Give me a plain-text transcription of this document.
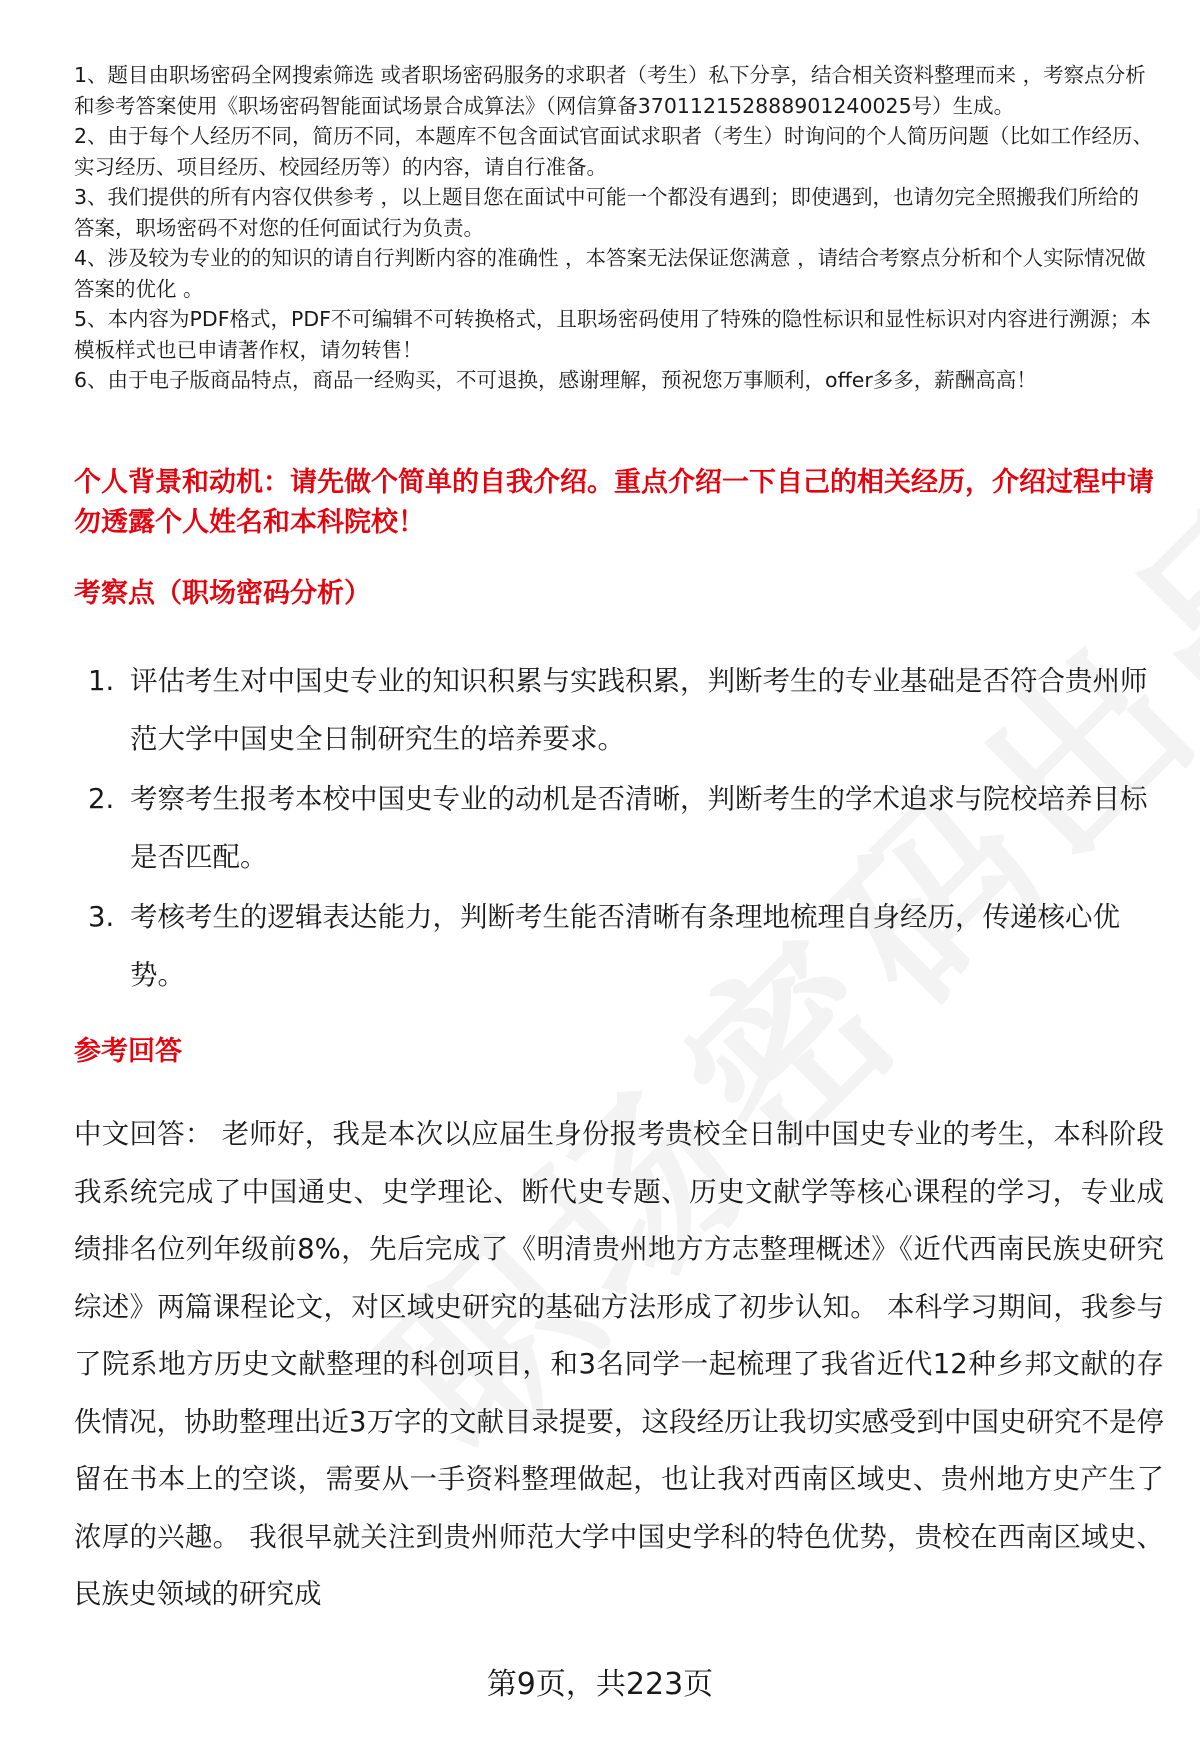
1、题目由职场密码全网搜索筛选 或者职场密码服务的求职者（考生）私下分享，结合相关资料整理而来 ，考察点分析和参考答案使用《职场密码智能面试场景合成算法》（网信算备370112152888901240025号）生成。

2、由于每个人经历不同，简历不同，本题库不包含面试官面试求职者（考生）时询问的个人简历问题（比如工作经历、实习经历、项目经历、校园经历等）的内容，请自行准备。

3、我们提供的所有内容仅供参考 ，以上题目您在面试中可能一个都没有遇到；即使遇到，也请勿完全照搬我们所给的答案，职场密码不对您的任何面试行为负责。

4、涉及较为专业的的知识的请自行判断内容的准确性 ，本答案无法保证您满意 ，请结合考察点分析和个人实际情况做答案的优化 。

5、本内容为PDF格式，PDF不可编辑不可转换格式，且职场密码使用了特殊的隐性标识和显性标识对内容进行溯源；本模板样式也已申请著作权，请勿转售！

6、由于电子版商品特点，商品一经购买，不可退换，感谢理解，预祝您万事顺利，offer多多，薪酬高高！

个人背景和动机：请先做个简单的自我介绍。重点介绍一下自己的相关经历，介绍过程中请勿透露个人姓名和本科院校！

考察点（职场密码分析）

1. 评估考生对中国史专业的知识积累与实践积累，判断考生的专业基础是否符合贵州师范大学中国史全日制研究生的培养要求。
2. 考察考生报考本校中国史专业的动机是否清晰，判断考生的学术追求与院校培养目标是否匹配。
3. 考核考生的逻辑表达能力，判断考生能否清晰有条理地梳理自身经历，传递核心优势。

参考回答

中文回答： 老师好，我是本次以应届生身份报考贵校全日制中国史专业的考生，本科阶段我系统完成了中国通史、史学理论、断代史专题、历史文献学等核心课程的学习，专业成绩排名位列年级前8%，先后完成了《明清贵州地方方志整理概述》《近代西南民族史研究综述》两篇课程论文，对区域史研究的基础方法形成了初步认知。 本科学习期间，我参与了院系地方历史文献整理的科创项目，和3名同学一起梳理了我省近代12种乡邦文献的存佚情况，协助整理出近3万字的文献目录提要，这段经历让我切实感受到中国史研究不是停留在书本上的空谈，需要从一手资料整理做起，也让我对西南区域史、贵州地方史产生了浓厚的兴趣。 我很早就关注到贵州师范大学中国史学科的特色优势，贵校在西南区域史、民族史领域的研究成

第9页，共223页
